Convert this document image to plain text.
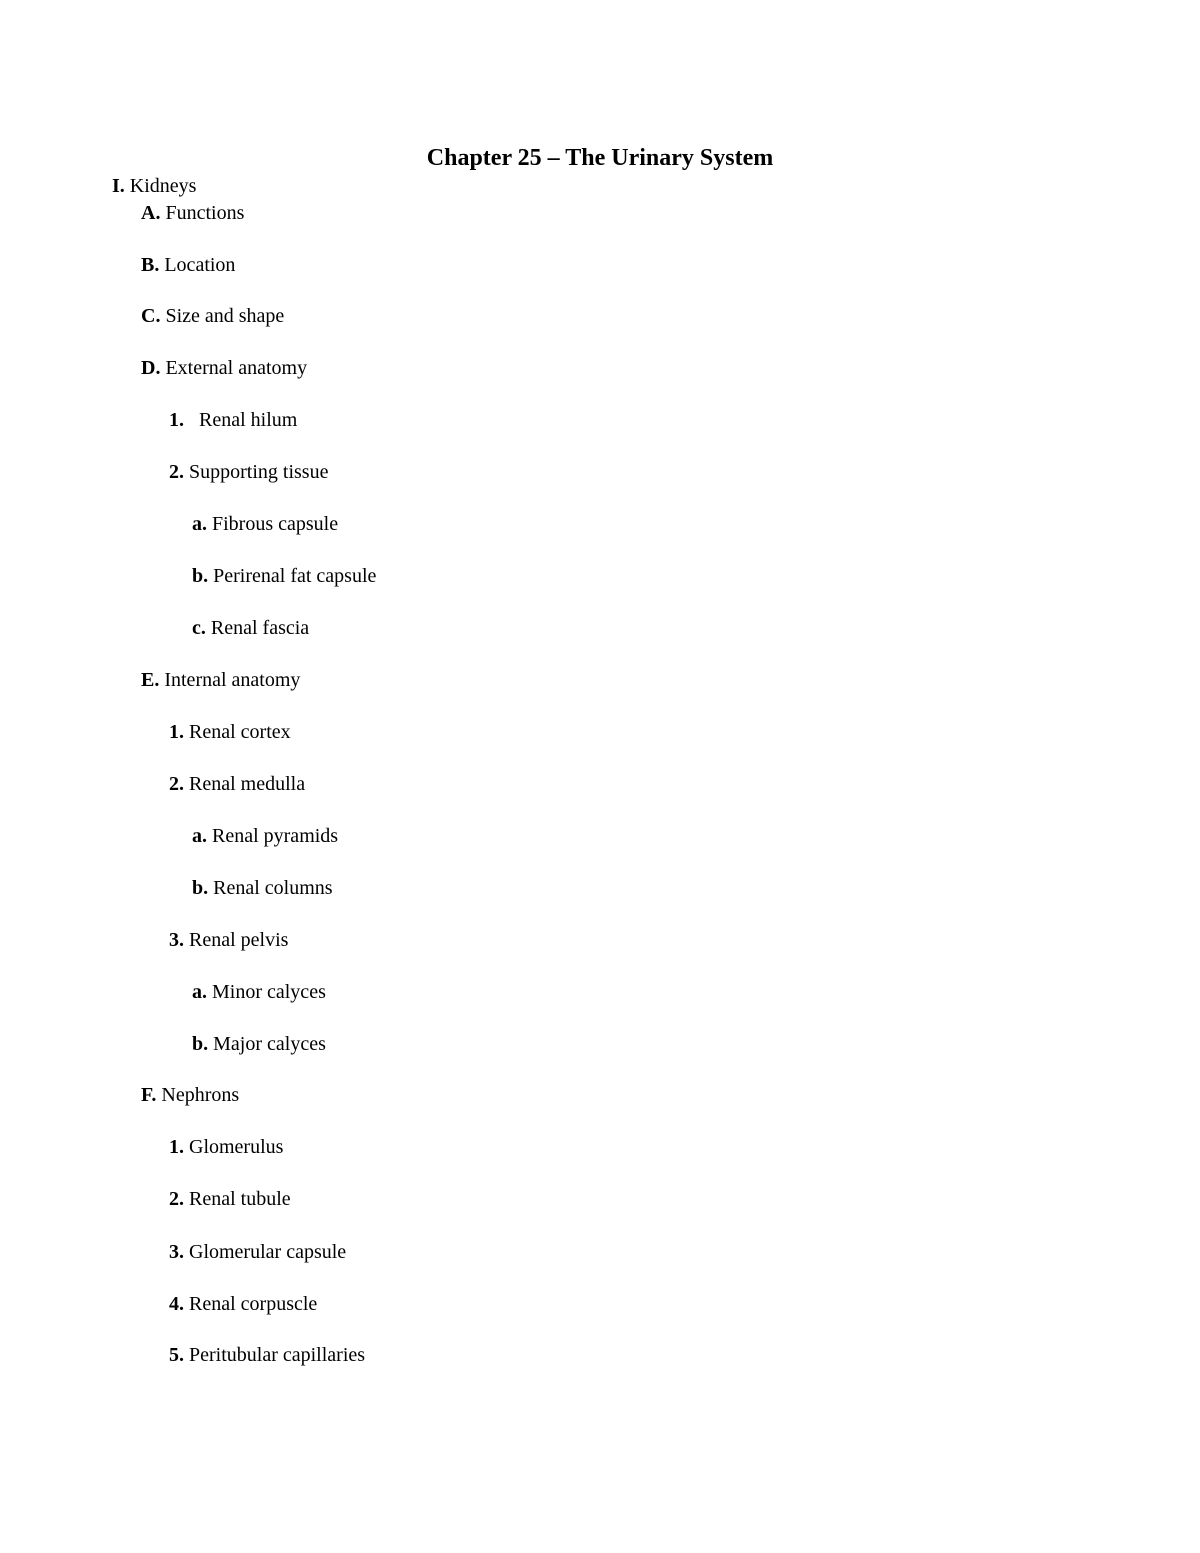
Chapter 25 – The Urinary System
I. Kidneys
A. Functions
B. Location
C. Size and shape
D. External anatomy
1. Renal hilum
2. Supporting tissue
a. Fibrous capsule
b. Perirenal fat capsule
c. Renal fascia
E. Internal anatomy
1. Renal cortex
2. Renal medulla
a. Renal pyramids
b. Renal columns
3. Renal pelvis
a. Minor calyces
b. Major calyces
F. Nephrons
1. Glomerulus
2. Renal tubule
3. Glomerular capsule
4. Renal corpuscle
5. Peritubular capillaries
